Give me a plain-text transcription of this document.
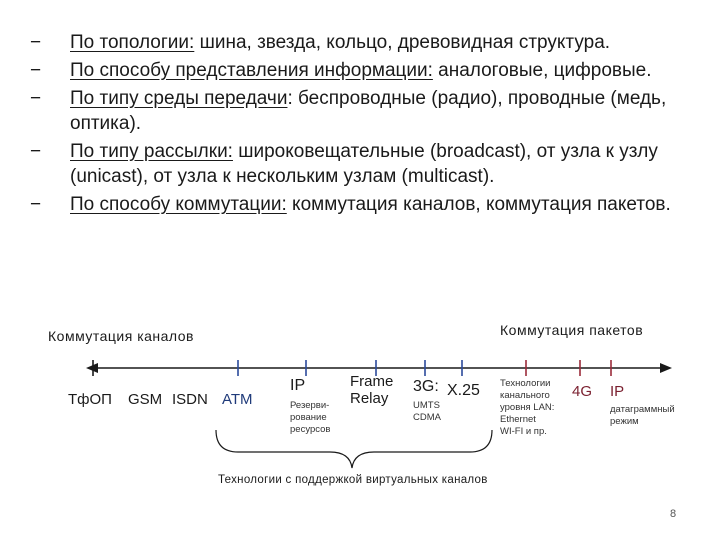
− По топологии: шина, звезда, кольцо, древовидная структура.
− По способу представления информации: аналоговые, цифровые.
− По типу среды передачи: беспроводные (радио), проводные (медь, оптика).
− По типу рассылки: широковещательные (broadcast), от узла к узлу (unicast), от узла к нескольким узлам (multicast).
− По способу коммутации: коммутация каналов, коммутация пакетов.
Коммутация каналов	Коммутация пакетов
ТфОП GSM ISDN ATM
IP
Резерви-
рование
ресурсов
Frame
Relay
3G:
UMTS
CDMA
X.25 Технологии
канального
уровня LAN:
Ethernet
WI-FI и пр.
4G IP
датаграммный
режим
Технологии с поддержкой виртуальных каналов
8
